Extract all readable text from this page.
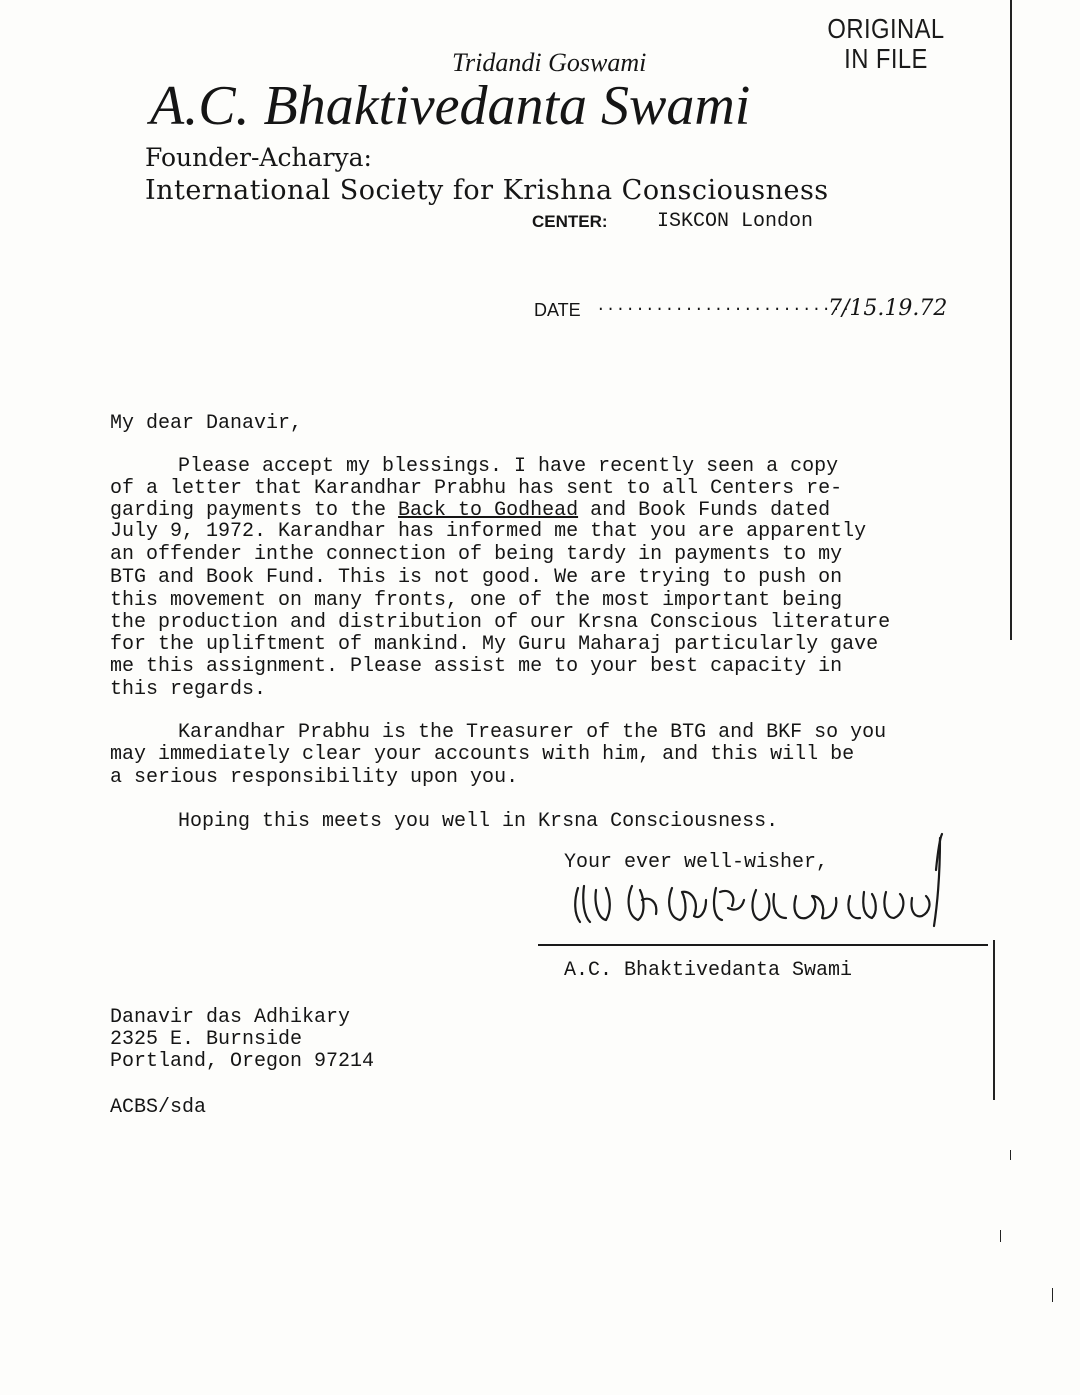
ORIGINAL
IN FILE
Tridandi Goswami
A.C. Bhaktivedanta Swami
Founder-Acharya:
International Society for Krishna Consciousness
CENTER: ISKCON London
DATE ...........................
7/15.19.72
My dear Danavir,
Please accept my blessings. I have recently seen a copy
of a letter that Karandhar Prabhu has sent to all Centers re-
garding payments to the Back to Godhead and Book Funds dated
July 9, 1972. Karandhar has informed me that you are apparently
an offender inthe connection of being tardy in payments to my
BTG and Book Fund. This is not good. We are trying to push on
this movement on many fronts, one of the most important being
the production and distribution of our Krsna Conscious literature
for the upliftment of mankind. My Guru Maharaj particularly gave
me this assignment. Please assist me to your best capacity in
this regards.
Karandhar Prabhu is the Treasurer of the BTG and BKF so you
may immediately clear your accounts with him, and this will be
a serious responsibility upon you.
Hoping this meets you well in Krsna Consciousness.
Your ever well-wisher,
A.C. Bhaktivedanta Swami
Danavir das Adhikary
2325 E. Burnside
Portland, Oregon 97214
ACBS/sda
